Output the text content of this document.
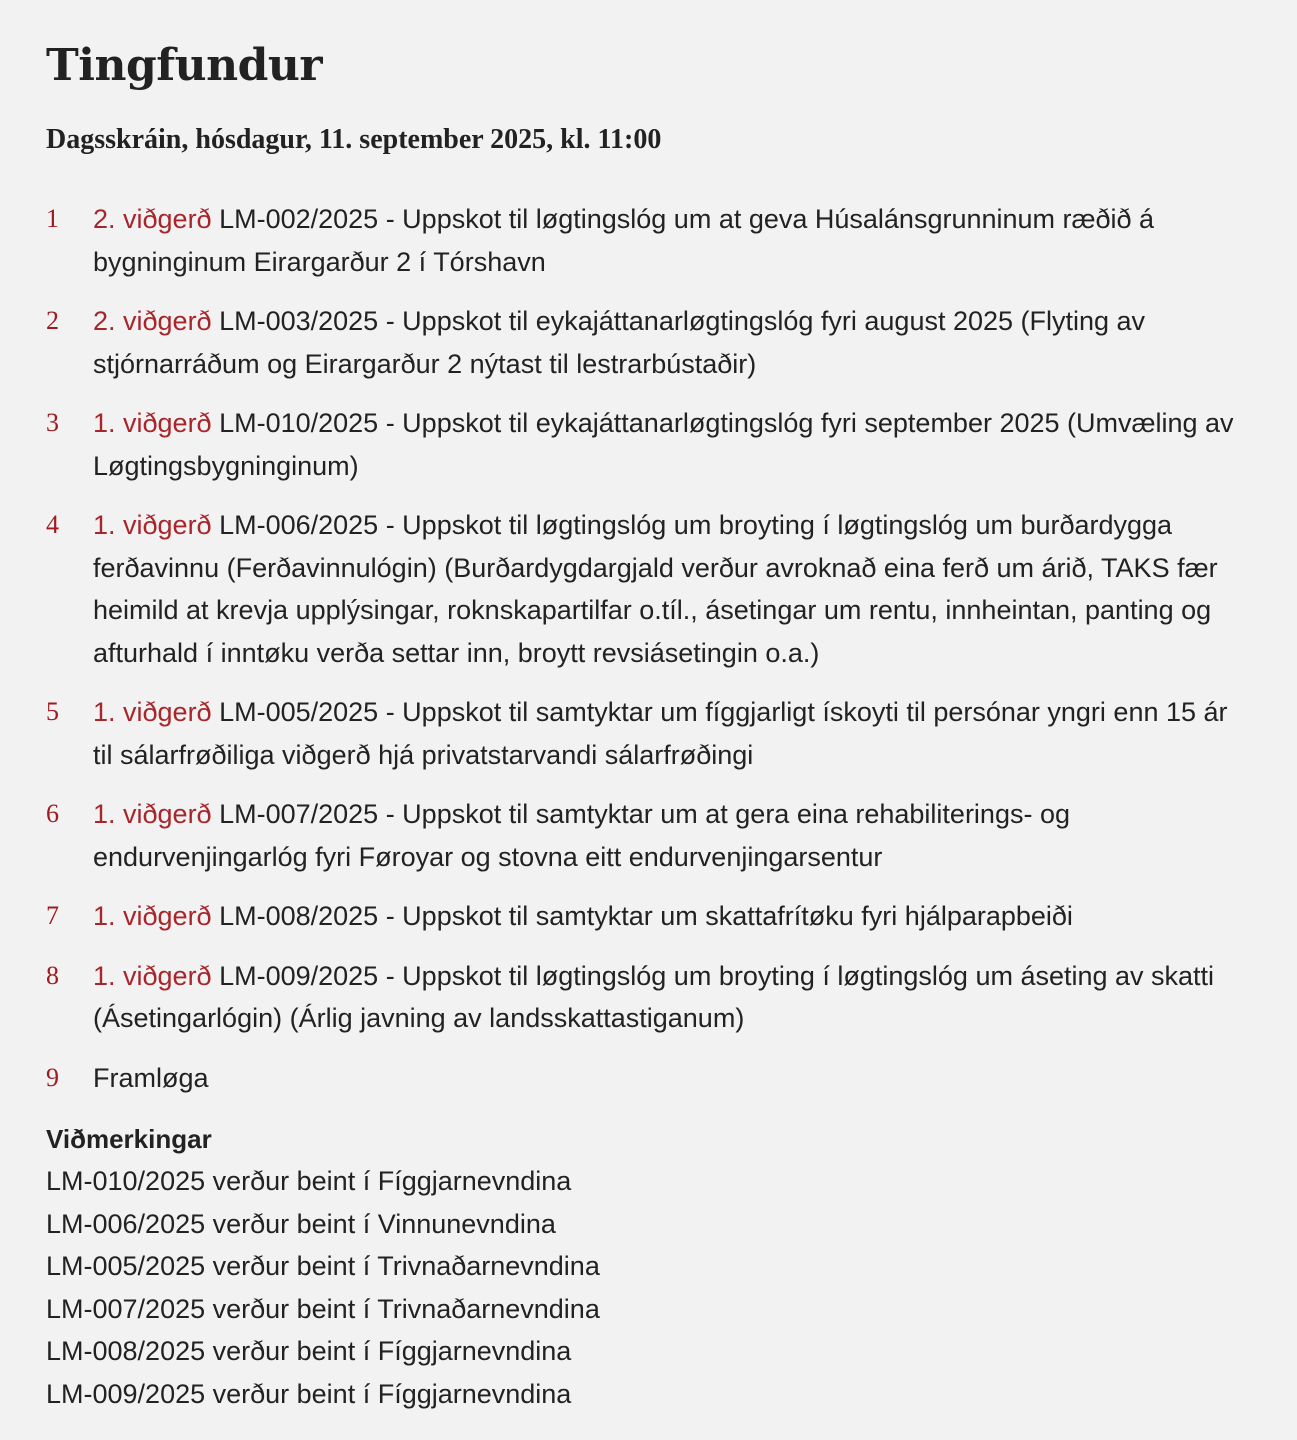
Tingfundur
Dagsskráin, hósdagur, 11. september 2025, kl. 11:00
1	2. viðgerð LM-002/2025 - Uppskot til løgtingslóg um at geva Húsalánsgrunninum ræðið á bygninginum Eirargarður 2 í Tórshavn
2	2. viðgerð LM-003/2025 - Uppskot til eykajáttanarløgtingslóg fyri august 2025 (Flyting av stjórnarráðum og Eirargarður 2 nýtast til lestrarbústaðir)
3	1. viðgerð LM-010/2025 - Uppskot til eykajáttanarløgtingslóg fyri september 2025 (Umvæling av Løgtingsbygninginum)
4	1. viðgerð LM-006/2025 - Uppskot til løgtingslóg um broyting í løgtingslóg um burðardygga ferðavinnu (Ferðavinnulógin) (Burðardygdargjald verður avroknað eina ferð um árið, TAKS fær heimild at krevja upplýsingar, roknskapartilfar o.tíl., ásetingar um rentu, innheintan, panting og afturhald í inntøku verða settar inn, broytt revsiásetingin o.a.)
5	1. viðgerð LM-005/2025 - Uppskot til samtyktar um fíggjarligt ískoyti til persónar yngri enn 15 ár til sálarfrøðiliga viðgerð hjá privatstarvandi sálarfrøðingi
6	1. viðgerð LM-007/2025 - Uppskot til samtyktar um at gera eina rehabiliterings- og endurvenjingarlóg fyri Føroyar og stovna eitt endurvenjingarsentur
7	1. viðgerð LM-008/2025 - Uppskot til samtyktar um skattafrítøku fyri hjálparарbeiði
8	1. viðgerð LM-009/2025 - Uppskot til løgtingslóg um broyting í løgtingslóg um áseting av skatti (Ásetingarlógin) (Árlig javning av landsskattastiganum)
9	Framløga
Viðmerkingar
LM-010/2025 verður beint í Fíggjarnevndina
LM-006/2025 verður beint í Vinnunevndina
LM-005/2025 verður beint í Trivnaðarnevndina
LM-007/2025 verður beint í Trivnaðarnevndina
LM-008/2025 verður beint í Fíggjarnevndina
LM-009/2025 verður beint í Fíggjarnevndina
